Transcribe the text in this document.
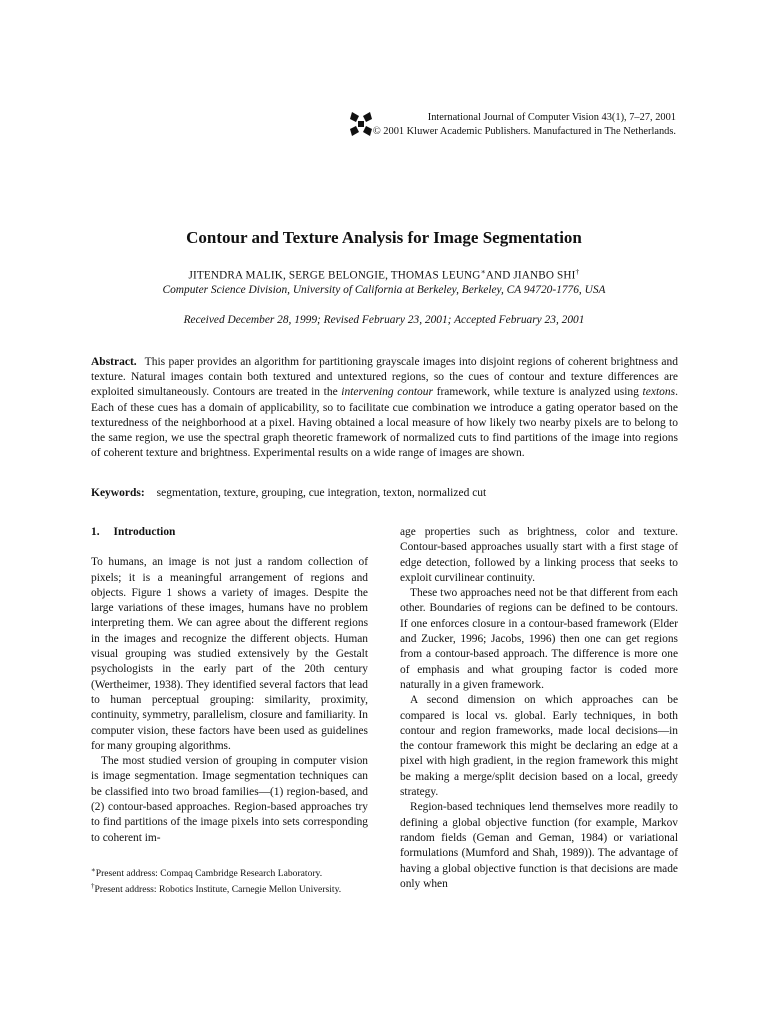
International Journal of Computer Vision 43(1), 7–27, 2001
© 2001 Kluwer Academic Publishers. Manufactured in The Netherlands.
Contour and Texture Analysis for Image Segmentation
JITENDRA MALIK, SERGE BELONGIE, THOMAS LEUNG∗AND JIANBO SHI†
Computer Science Division, University of California at Berkeley, Berkeley, CA 94720-1776, USA
Received December 28, 1999; Revised February 23, 2001; Accepted February 23, 2001
Abstract. This paper provides an algorithm for partitioning grayscale images into disjoint regions of coherent brightness and texture. Natural images contain both textured and untextured regions, so the cues of contour and texture differences are exploited simultaneously. Contours are treated in the intervening contour framework, while texture is analyzed using textons. Each of these cues has a domain of applicability, so to facilitate cue combination we introduce a gating operator based on the texturedness of the neighborhood at a pixel. Having obtained a local measure of how likely two nearby pixels are to belong to the same region, we use the spectral graph theoretic framework of normalized cuts to find partitions of the image into regions of coherent texture and brightness. Experimental results on a wide range of images are shown.
Keywords: segmentation, texture, grouping, cue integration, texton, normalized cut
1. Introduction

To humans, an image is not just a random collection of pixels; it is a meaningful arrangement of regions and objects. Figure 1 shows a variety of images. Despite the large variations of these images, humans have no problem interpreting them. We can agree about the different regions in the images and recognize the different objects. Human visual grouping was studied extensively by the Gestalt psychologists in the early part of the 20th century (Wertheimer, 1938). They identified several factors that lead to human perceptual grouping: similarity, proximity, continuity, symmetry, parallelism, closure and familiarity. In computer vision, these factors have been used as guidelines for many grouping algorithms.

The most studied version of grouping in computer vision is image segmentation. Image segmentation techniques can be classified into two broad families—(1) region-based, and (2) contour-based approaches. Region-based approaches try to find partitions of the image pixels into sets corresponding to coherent im-

age properties such as brightness, color and texture. Contour-based approaches usually start with a first stage of edge detection, followed by a linking process that seeks to exploit curvilinear continuity.

These two approaches need not be that different from each other. Boundaries of regions can be defined to be contours. If one enforces closure in a contour-based framework (Elder and Zucker, 1996; Jacobs, 1996) then one can get regions from a contour-based approach. The difference is more one of emphasis and what grouping factor is coded more naturally in a given framework.

A second dimension on which approaches can be compared is local vs. global. Early techniques, in both contour and region frameworks, made local decisions—in the contour framework this might be declaring an edge at a pixel with high gradient, in the region framework this might be making a merge/split decision based on a local, greedy strategy.

Region-based techniques lend themselves more readily to defining a global objective function (for example, Markov random fields (Geman and Geman, 1984) or variational formulations (Mumford and Shah, 1989)). The advantage of having a global objective function is that decisions are made only when

∗Present address: Compaq Cambridge Research Laboratory.
†Present address: Robotics Institute, Carnegie Mellon University.
